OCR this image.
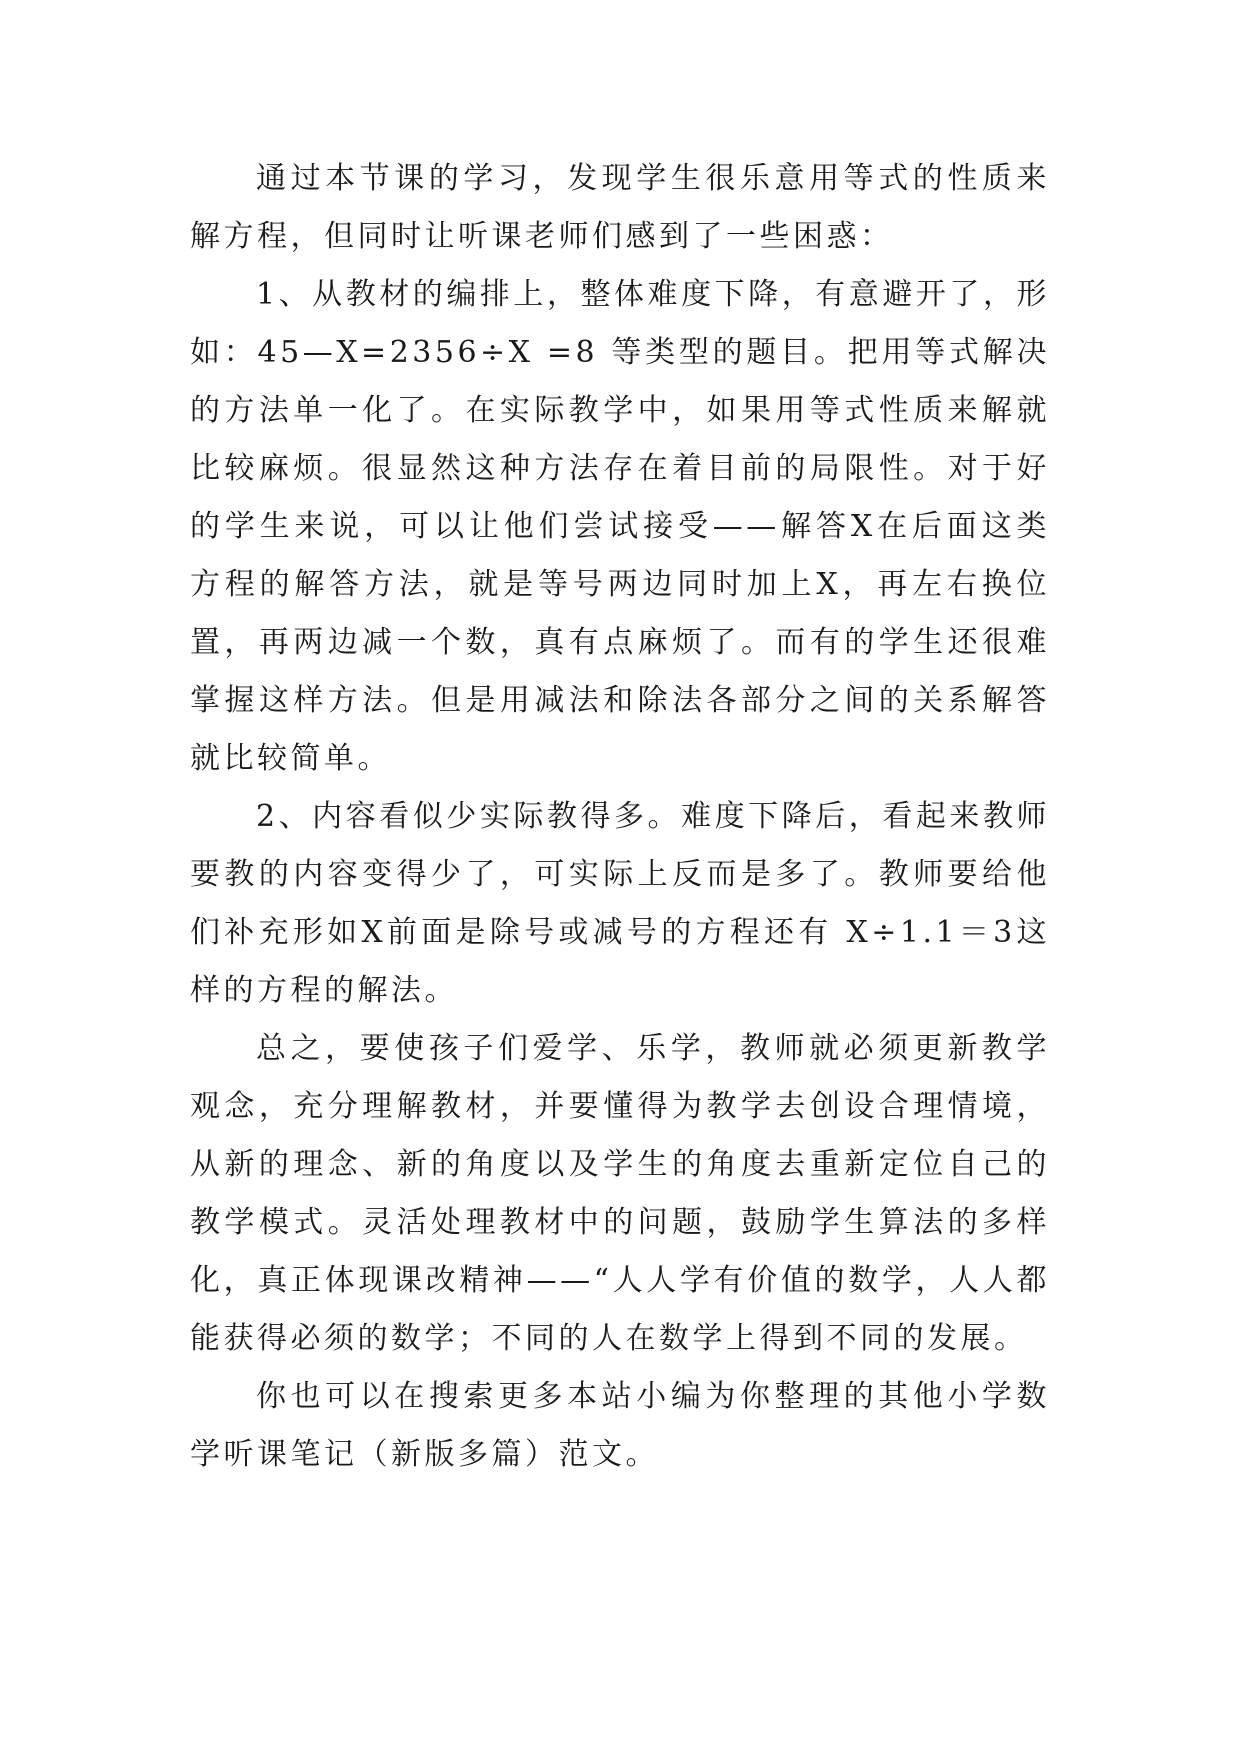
通过本节课的学习，发现学生很乐意用等式的性质来解方程，但同时让听课老师们感到了一些困惑：

1、从教材的编排上，整体难度下降，有意避开了，形如：45—X=2356÷X =8 等类型的题目。把用等式解决的方法单一化了。在实际教学中，如果用等式性质来解就比较麻烦。很显然这种方法存在着目前的局限性。对于好的学生来说，可以让他们尝试接受——解答X在后面这类方程的解答方法，就是等号两边同时加上X，再左右换位置，再两边减一个数，真有点麻烦了。而有的学生还很难掌握这样方法。但是用减法和除法各部分之间的关系解答就比较简单。

2、内容看似少实际教得多。难度下降后，看起来教师要教的内容变得少了，可实际上反而是多了。教师要给他们补充形如X前面是除号或减号的方程还有 X÷1.1＝3这样的方程的解法。

总之，要使孩子们爱学、乐学，教师就必须更新教学观念，充分理解教材，并要懂得为教学去创设合理情境，从新的理念、新的角度以及学生的角度去重新定位自己的教学模式。灵活处理教材中的问题，鼓励学生算法的多样化，真正体现课改精神——“人人学有价值的数学，人人都能获得必须的数学；不同的人在数学上得到不同的发展。

你也可以在搜索更多本站小编为你整理的其他小学数学听课笔记（新版多篇）范文。
